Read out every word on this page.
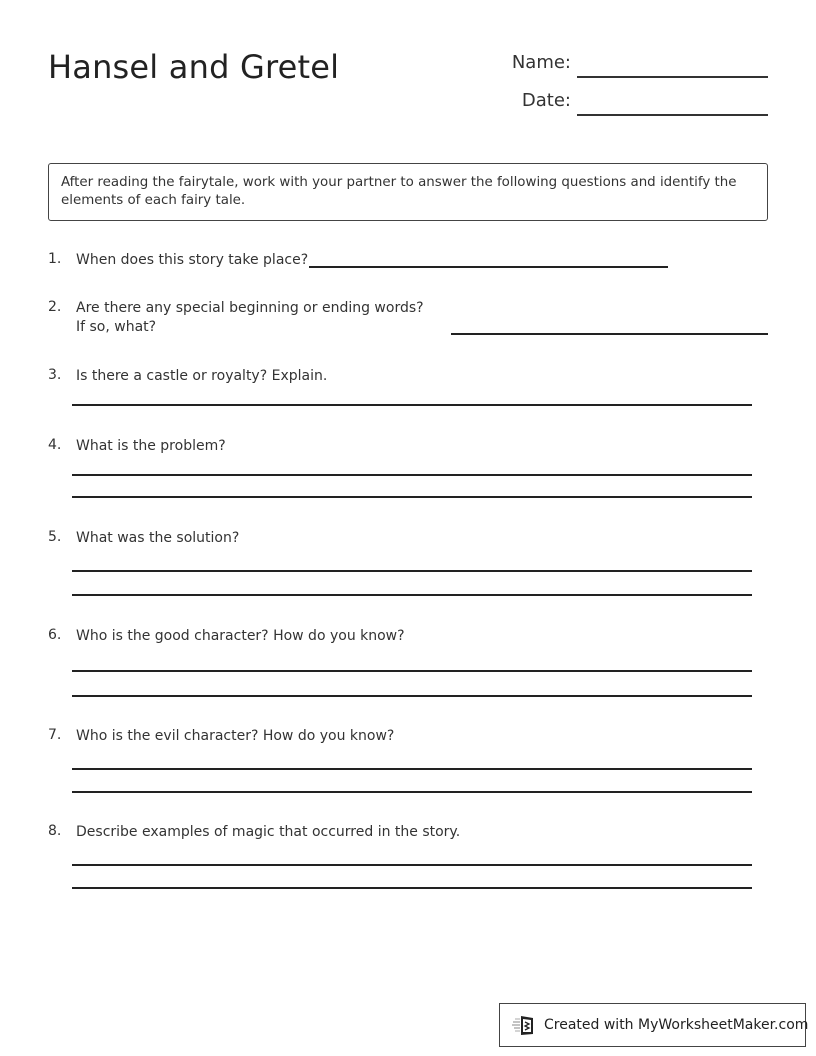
Hansel and Gretel	Name:
Date:
After reading the fairytale, work with your partner to answer the following questions and identify the elements of each fairy tale.
1.	When does this story take place?
2.	Are there any special beginning or ending words? If so, what?
3.	Is there a castle or royalty? Explain.
4.	What is the problem?
5.	What was the solution?
6.	Who is the good character? How do you know?
7.	Who is the evil character? How do you know?
8.	Describe examples of magic that occurred in the story.
Created with MyWorksheetMaker.com
